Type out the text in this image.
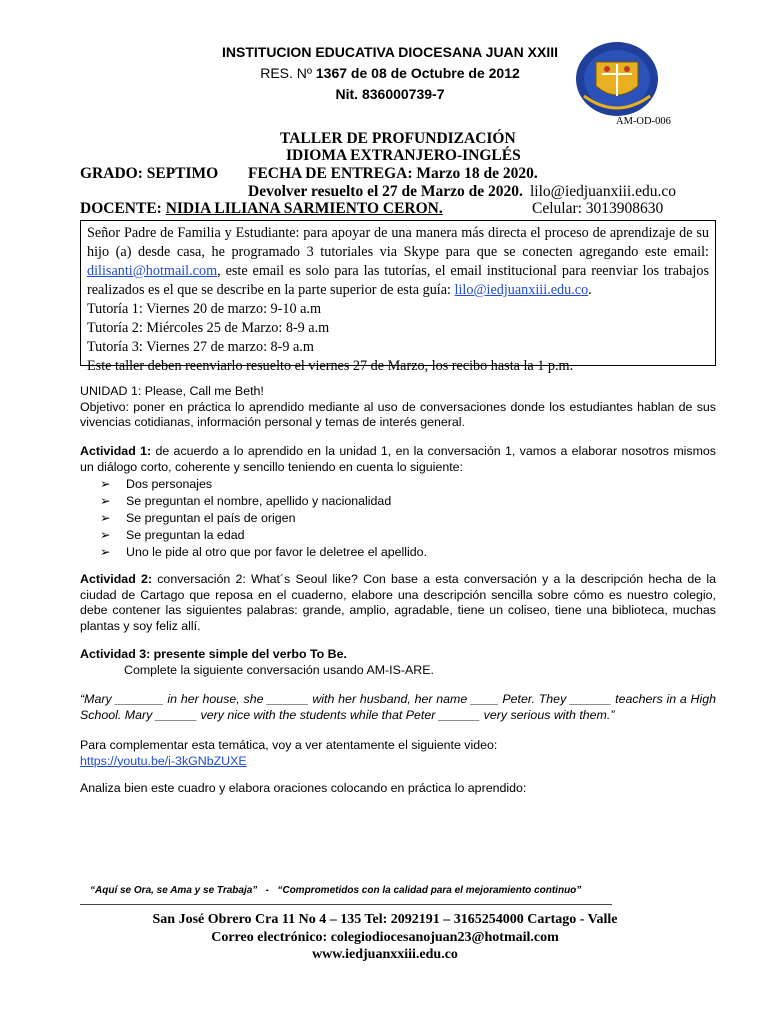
INSTITUCION EDUCATIVA DIOCESANA JUAN XXIII
RES. Nº 1367 de 08 de Octubre de 2012
Nit. 836000739-7
AM-OD-006
TALLER DE PROFUNDIZACIÓN
IDIOMA EXTRANJERO-INGLÉS
GRADO: SEPTIMO FECHA DE ENTREGA: Marzo 18 de 2020.
Devolver resuelto el 27 de Marzo de 2020. lilo@iedjuanxiii.edu.co
DOCENTE: NIDIA LILIANA SARMIENTO CERON.	Celular: 3013908630

Señor Padre de Familia y Estudiante: para apoyar de una manera más directa el proceso de aprendizaje de su hijo (a) desde casa, he programado 3 tutoriales via Skype para que se conecten agregando este email: dilisanti@hotmail.com, este email es solo para las tutorías, el email institucional para reenviar los trabajos realizados es el que se describe en la parte superior de esta guía: lilo@iedjuanxiii.edu.co.

Tutoría 1: Viernes 20 de marzo: 9-10 a.m

Tutoría 2: Miércoles 25 de Marzo: 8-9 a.m

Tutoría 3: Viernes 27 de marzo: 8-9 a.m

Este taller deben reenviarlo resuelto el viernes 27 de Marzo, los recibo hasta la 1 p.m.

UNIDAD 1: Please, Call me Beth!

Objetivo: poner en práctica lo aprendido mediante al uso de conversaciones donde los estudiantes hablan de sus vivencias cotidianas, información personal y temas de interés general.

Actividad 1: de acuerdo a lo aprendido en la unidad 1, en la conversación 1, vamos a elaborar nosotros mismos un diálogo corto, coherente y sencillo teniendo en cuenta lo siguiente:

➢ Dos personajes
➢ Se preguntan el nombre, apellido y nacionalidad
➢ Se preguntan el país de origen
➢ Se preguntan la edad
➢ Uno le pide al otro que por favor le deletree el apellido.

Actividad 2: conversación 2: What´s Seoul like? Con base a esta conversación y a la descripción hecha de la ciudad de Cartago que reposa en el cuaderno, elabore una descripción sencilla sobre cómo es nuestro colegio, debe contener las siguientes palabras: grande, amplio, agradable, tiene un coliseo, tiene una biblioteca, muchas plantas y soy feliz allí.

Actividad 3: presente simple del verbo To Be.

Complete la siguiente conversación usando AM-IS-ARE.

“Mary _______ in her house, she ______ with her husband, her name ____ Peter. They ______ teachers in a High School. Mary ______ very nice with the students while that Peter ______ very serious with them.”

Para complementar esta temática, voy a ver atentamente el siguiente video:

https://youtu.be/i-3kGNbZUXE

Analiza bien este cuadro y elabora oraciones colocando en práctica lo aprendido:
“Aquí se Ora, se Ama y se Trabaja” - “Comprometidos con la calidad para el mejoramiento continuo”
San José Obrero Cra 11 No 4 – 135 Tel: 2092191 – 3165254000 Cartago - Valle
Correo electrónico: colegiodiocesanojuan23@hotmail.com
www.iedjuanxxiii.edu.co
